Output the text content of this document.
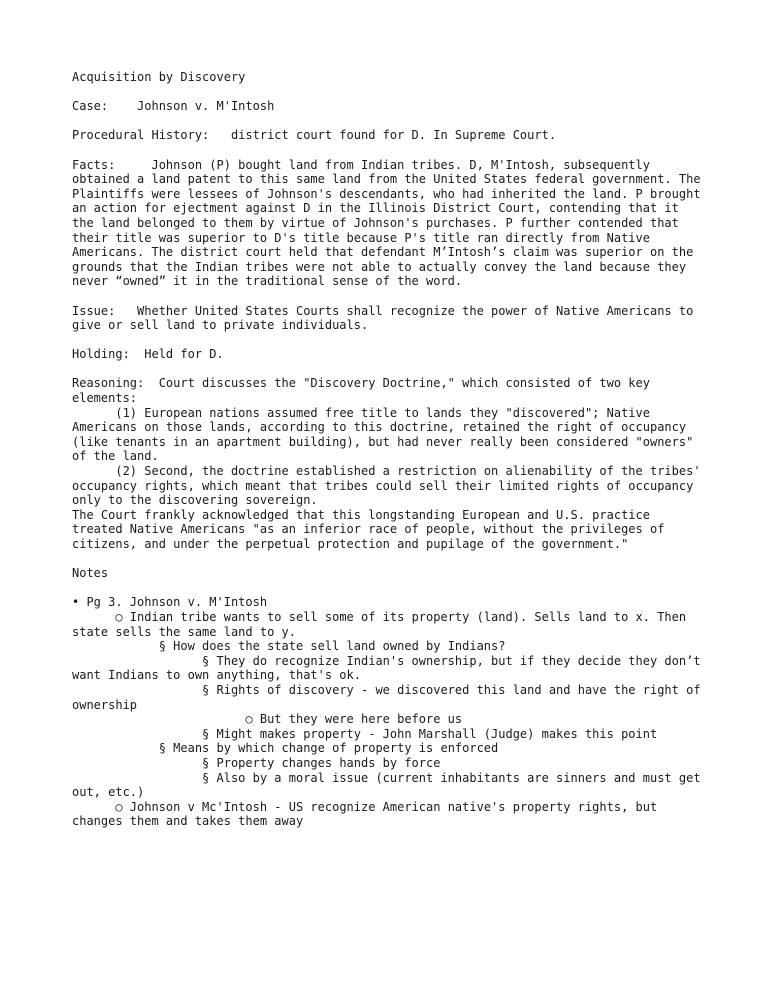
Acquisition by Discovery

Case:    Johnson v. M'Intosh

Procedural History:   district court found for D. In Supreme Court.

Facts:     Johnson (P) bought land from Indian tribes. D, M'Intosh, subsequently obtained a land patent to this same land from the United States federal government. The Plaintiffs were lessees of Johnson's descendants, who had inherited the land. P brought an action for ejectment against D in the Illinois District Court, contending that it the land belonged to them by virtue of Johnson's purchases. P further contended that their title was superior to D's title because P's title ran directly from Native Americans. The district court held that defendant M’Intosh’s claim was superior on the grounds that the Indian tribes were not able to actually convey the land because they never “owned” it in the traditional sense of the word.

Issue:   Whether United States Courts shall recognize the power of Native Americans to give or sell land to private individuals.

Holding:  Held for D.

Reasoning:  Court discusses the "Discovery Doctrine," which consisted of two key elements:

(1) European nations assumed free title to lands they "discovered"; Native Americans on those lands, according to this doctrine, retained the right of occupancy (like tenants in an apartment building), but had never really been considered "owners" of the land.

(2) Second, the doctrine established a restriction on alienability of the tribes' occupancy rights, which meant that tribes could sell their limited rights of occupancy only to the discovering sovereign.

The Court frankly acknowledged that this longstanding European and U.S. practice treated Native Americans "as an inferior race of people, without the privileges of citizens, and under the perpetual protection and pupilage of the government."

Notes

• Pg 3. Johnson v. M'Intosh

○ Indian tribe wants to sell some of its property (land). Sells land to x. Then state sells the same land to y.

§ How does the state sell land owned by Indians?

§ They do recognize Indian's ownership, but if they decide they don’t want Indians to own anything, that's ok.

§ Rights of discovery - we discovered this land and have the right of ownership

○ But they were here before us

§ Might makes property - John Marshall (Judge) makes this point

§ Means by which change of property is enforced

§ Property changes hands by force

§ Also by a moral issue (current inhabitants are sinners and must get out, etc.)

○ Johnson v Mc'Intosh - US recognize American native's property rights, but changes them and takes them away
